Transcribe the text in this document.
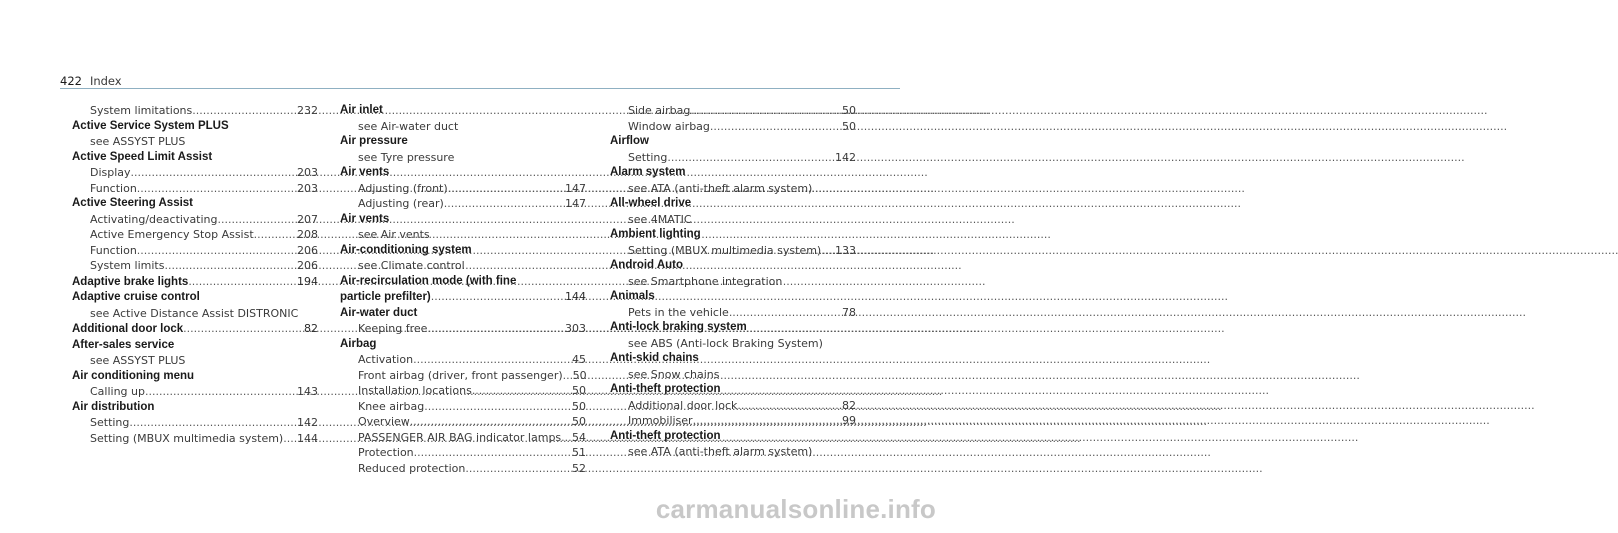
422 Index
System limitations .....	232
Active Service System PLUS
see ASSYST PLUS
Active Speed Limit Assist
Display .....	203
Function .....	203
Active Steering Assist
Activating/deactivating .....	207
Active Emergency Stop Assist .....	208
Function .....	206
System limits .....	206
Adaptive brake lights .....	194
Adaptive cruise control
see Active Distance Assist DISTRONIC
Additional door lock .....	82
After-sales service
see ASSYST PLUS
Air conditioning menu
Calling up .....	143
Air distribution
Setting .....	142
Setting (MBUX multimedia system) .....	144
Air inlet
see Air-water duct
Air pressure
see Tyre pressure
Air vents
Adjusting (front) .....	147
Adjusting (rear) .....	147
Air vents
see Air vents
Air-conditioning system
see Climate control
Air-recirculation mode (with fine
particle prefilter) .....	144
Air-water duct
Keeping free .....	303
Airbag
Activation .....	45
Front airbag (driver, front passenger) ..... 50
Installation locations .....	50
Knee airbag .....	50
Overview .....	50
PASSENGER AIR BAG indicator lamps ..... 54
Protection .....	51
Reduced protection .....	52
Side airbag .....	50
Window airbag .....	50
Airflow
Setting .....	142
Alarm system
see ATA (anti-theft alarm system)
All-wheel drive
see 4MATIC
Ambient lighting
Setting (MBUX multimedia system) .....	133
Android Auto
see Smartphone integration
Animals
Pets in the vehicle .....	78
Anti-lock braking system
see ABS (Anti-lock Braking System)
Anti-skid chains
see Snow chains
Anti-theft protection
Additional door lock .....	82
Immobiliser .....	99
Anti-theft protection
see ATA (anti-theft alarm system)
carmanualsonline.info
